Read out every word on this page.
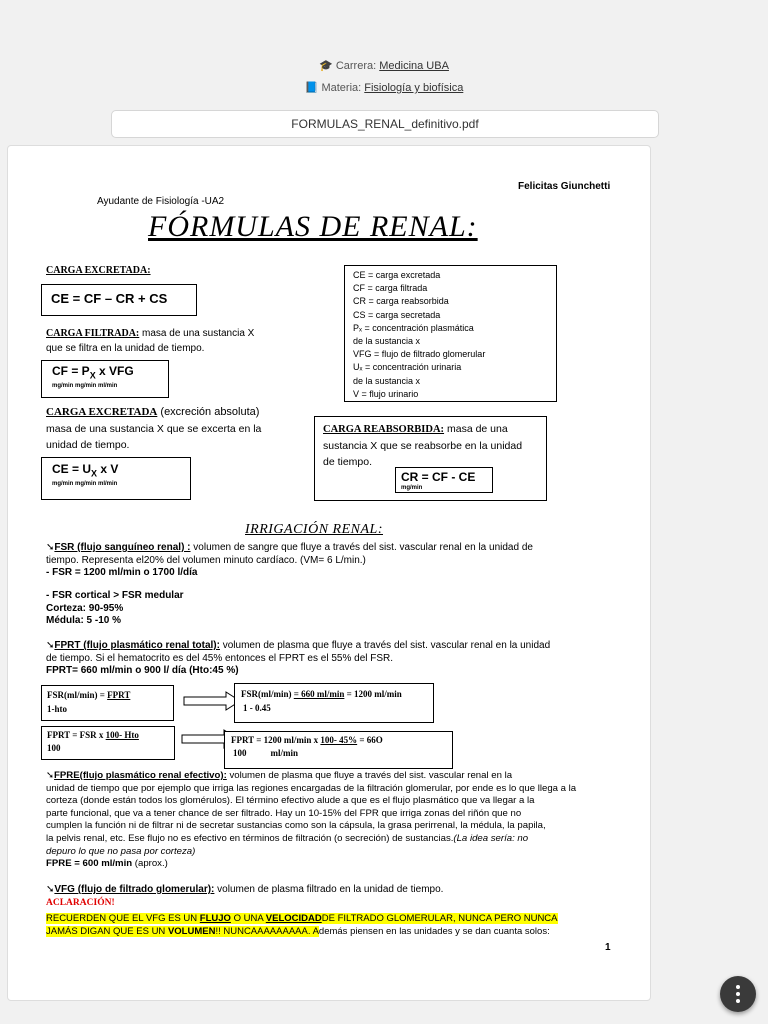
🎓 Carrera: Medicina UBA
📘 Materia: Fisiología y biofísica
FORMULAS_RENAL_definitivo.pdf
Felicitas Giunchetti
Ayudante de Fisiología -UA2
FÓRMULAS DE RENAL:
CARGA EXCRETADA:
CE = CF – CR + CS
CARGA FILTRADA: masa de una sustancia X
que se filtra en la unidad de tiempo.
CF = $P_X$ x VFG
mg/min mg/min ml/min
CARGA EXCRETADA (excreción absoluta)
masa de una sustancia X que se excerta en la
unidad de tiempo.
CE = $U_X$ x V
mg/min mg/min ml/min
CE = carga excretada
CF = carga filtrada
CR = carga reabsorbida
CS = carga secretada
Pₓ = concentración plasmática
de la sustancia x
VFG = flujo de filtrado glomerular
Uₓ = concentración urinaria
de la sustancia x
V = flujo urinario
CARGA REABSORBIDA: masa de una
sustancia X que se reabsorbe en la unidad
de tiempo.
CR = CF - CE
mg/min
IRRIGACIÓN RENAL:
➘FSR (flujo sanguíneo renal) : volumen de sangre que fluye a través del sist. vascular renal en la unidad de
tiempo. Representa el20% del volumen minuto cardíaco. (VM= 6 L/min.)
- FSR = 1200 ml/min o 1700 l/día
- FSR cortical > FSR medular
Corteza: 90-95%
Médula: 5 -10 %
➘FPRT (flujo plasmático renal total): volumen de plasma que fluye a través del sist. vascular renal en la unidad
de tiempo. Si el hematocrito es del 45% entonces el FPRT es el 55% del FSR.
FPRT= 660 ml/min o 900 l/ día (Hto:45 %)
FSR(ml/min) = FPRT
1-hto
FSR(ml/min) = 660 ml/min = 1200 ml/min
1 - 0.45
FPRT = FSR x 100- Hto
100
FPRT = 1200 ml/min x 100- 45% = 66O
100	ml/min
➘FPRE(flujo plasmático renal efectivo): volumen de plasma que fluye a través del sist. vascular renal en la
unidad de tiempo que por ejemplo que irriga las regiones encargadas de la filtración glomerular, por ende es lo que llega a la
corteza (donde están todos los glomérulos). El término efectivo alude a que es el flujo plasmático que va llegar a la
parte funcional, que va a tener chance de ser filtrado. Hay un 10-15% del FPR que irriga zonas del riñón que no
cumplen la función ni de filtrar ni de secretar sustancias como son la cápsula, la grasa perirrenal, la médula, la papila,
la pelvis renal, etc. Ese flujo no es efectivo en términos de filtración (o secreción) de sustancias.(La idea sería: no
depuro lo que no pasa por corteza)
FPRE = 600 ml/min (aprox.)
➘VFG (flujo de filtrado glomerular): volumen de plasma filtrado en la unidad de tiempo.
ACLARACIÓN!
RECUERDEN QUE EL VFG ES UN FLUJO O UNA VELOCIDADDE FILTRADO GLOMERULAR, NUNCA PERO NUNCA
JAMÁS DIGAN QUE ES UN VOLUMEN!! NUNCAAAAAAAAA. Además piensen en las unidades y se dan cuanta solos:
1
